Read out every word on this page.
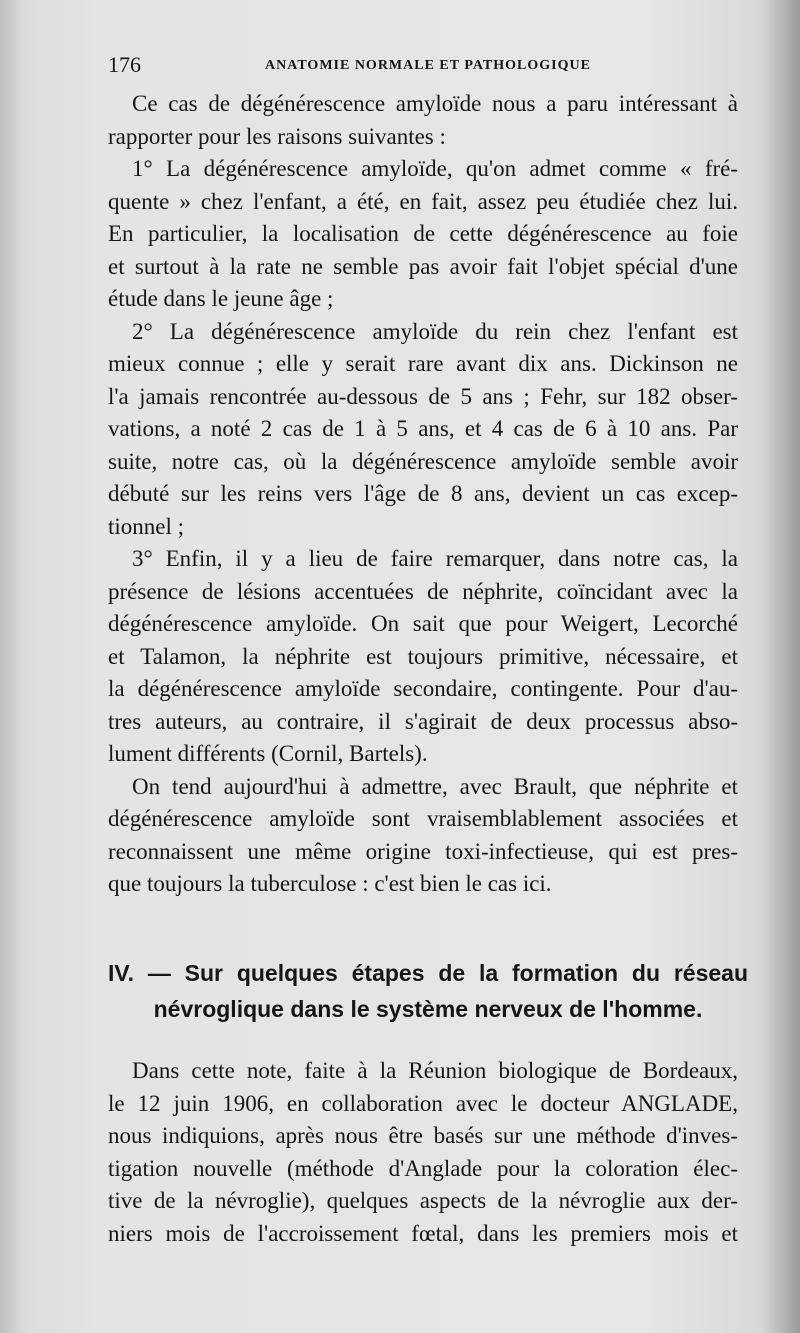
176	ANATOMIE NORMALE ET PATHOLOGIQUE
Ce cas de dégénérescence amyloïde nous a paru intéressant à
rapporter pour les raisons suivantes :
1° La dégénérescence amyloïde, qu'on admet comme « fré-
quente » chez l'enfant, a été, en fait, assez peu étudiée chez lui.
En particulier, la localisation de cette dégénérescence au foie
et surtout à la rate ne semble pas avoir fait l'objet spécial d'une
étude dans le jeune âge ;
2° La dégénérescence amyloïde du rein chez l'enfant est
mieux connue ; elle y serait rare avant dix ans. Dickinson ne
l'a jamais rencontrée au-dessous de 5 ans ; Fehr, sur 182 obser-
vations, a noté 2 cas de 1 à 5 ans, et 4 cas de 6 à 10 ans. Par
suite, notre cas, où la dégénérescence amyloïde semble avoir
débuté sur les reins vers l'âge de 8 ans, devient un cas excep-
tionnel ;
3° Enfin, il y a lieu de faire remarquer, dans notre cas, la
présence de lésions accentuées de néphrite, coïncidant avec la
dégénérescence amyloïde. On sait que pour Weigert, Lecorché
et Talamon, la néphrite est toujours primitive, nécessaire, et
la dégénérescence amyloïde secondaire, contingente. Pour d'au-
tres auteurs, au contraire, il s'agirait de deux processus abso-
lument différents (Cornil, Bartels).
On tend aujourd'hui à admettre, avec Brault, que néphrite et
dégénérescence amyloïde sont vraisemblablement associées et
reconnaissent une même origine toxi-infectieuse, qui est pres-
que toujours la tuberculose : c'est bien le cas ici.
IV. — Sur quelques étapes de la formation du réseau
névroglique dans le système nerveux de l'homme.
Dans cette note, faite à la Réunion biologique de Bordeaux,
le 12 juin 1906, en collaboration avec le docteur ANGLADE,
nous indiquions, après nous être basés sur une méthode d'inves-
tigation nouvelle (méthode d'Anglade pour la coloration élec-
tive de la névroglie), quelques aspects de la névroglie aux der-
niers mois de l'accroissement fœtal, dans les premiers mois et
